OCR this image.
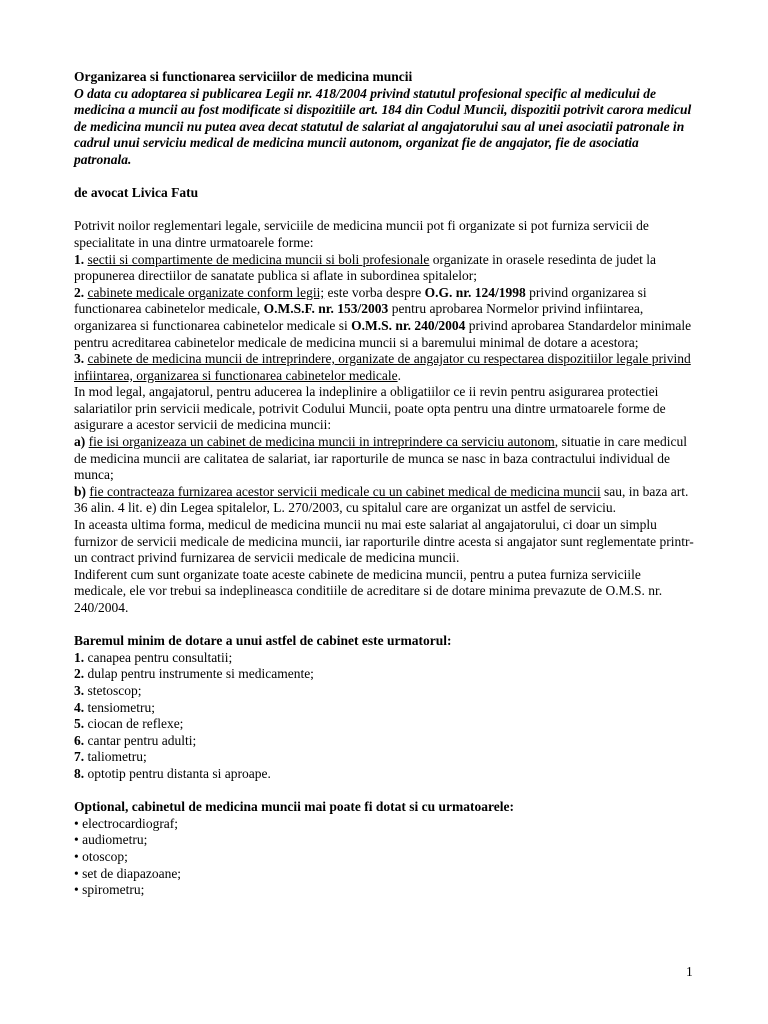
Organizarea si functionarea serviciilor de medicina muncii

O data cu adoptarea si publicarea Legii nr. 418/2004 privind statutul profesional specific al medicului de medicina a muncii au fost modificate si dispozitiile art. 184 din Codul Muncii, dispozitii potrivit carora medicul de medicina muncii nu putea avea decat statutul de salariat al angajatorului sau al unei asociatii patronale in cadrul unui serviciu medical de medicina muncii autonom, organizat fie de angajator, fie de asociatia patronala.

de avocat Livica Fatu

Potrivit noilor reglementari legale, serviciile de medicina muncii pot fi organizate si pot furniza servicii de specialitate in una dintre urmatoarele forme:

1. sectii si compartimente de medicina muncii si boli profesionale organizate in orasele resedinta de judet la propunerea directiilor de sanatate publica si aflate in subordinea spitalelor;

2. cabinete medicale organizate conform legii; este vorba despre O.G. nr. 124/1998 privind organizarea si functionarea cabinetelor medicale, O.M.S.F. nr. 153/2003 pentru aprobarea Normelor privind infiintarea, organizarea si functionarea cabinetelor medicale si O.M.S. nr. 240/2004 privind aprobarea Standardelor minimale pentru acreditarea cabinetelor medicale de medicina muncii si a baremului minimal de dotare a acestora;

3. cabinete de medicina muncii de intreprindere, organizate de angajator cu respectarea dispozitiilor legale privind infiintarea, organizarea si functionarea cabinetelor medicale.

In mod legal, angajatorul, pentru aducerea la indeplinire a obligatiilor ce ii revin pentru asigurarea protectiei salariatilor prin servicii medicale, potrivit Codului Muncii, poate opta pentru una dintre urmatoarele forme de asigurare a acestor servicii de medicina muncii:

a) fie isi organizeaza un cabinet de medicina muncii in intreprindere ca serviciu autonom, situatie in care medicul de medicina muncii are calitatea de salariat, iar raporturile de munca se nasc in baza contractului individual de munca;

b) fie contracteaza furnizarea acestor servicii medicale cu un cabinet medical de medicina muncii sau, in baza art. 36 alin. 4 lit. e) din Legea spitalelor, L. 270/2003, cu spitalul care are organizat un astfel de serviciu.

In aceasta ultima forma, medicul de medicina muncii nu mai este salariat al angajatorului, ci doar un simplu furnizor de servicii medicale de medicina muncii, iar raporturile dintre acesta si angajator sunt reglementate printr-un contract privind furnizarea de servicii medicale de medicina muncii.

Indiferent cum sunt organizate toate aceste cabinete de medicina muncii, pentru a putea furniza serviciile medicale, ele vor trebui sa indeplineasca conditiile de acreditare si de dotare minima prevazute de O.M.S. nr. 240/2004.

Baremul minim de dotare a unui astfel de cabinet este urmatorul:

1. canapea pentru consultatii;

2. dulap pentru instrumente si medicamente;

3. stetoscop;

4. tensiometru;

5. ciocan de reflexe;

6. cantar pentru adulti;

7. taliometru;

8. optotip pentru distanta si aproape.

Optional, cabinetul de medicina muncii mai poate fi dotat si cu urmatoarele:

• electrocardiograf;

• audiometru;

• otoscop;

• set de diapazoane;

• spirometru;

1
